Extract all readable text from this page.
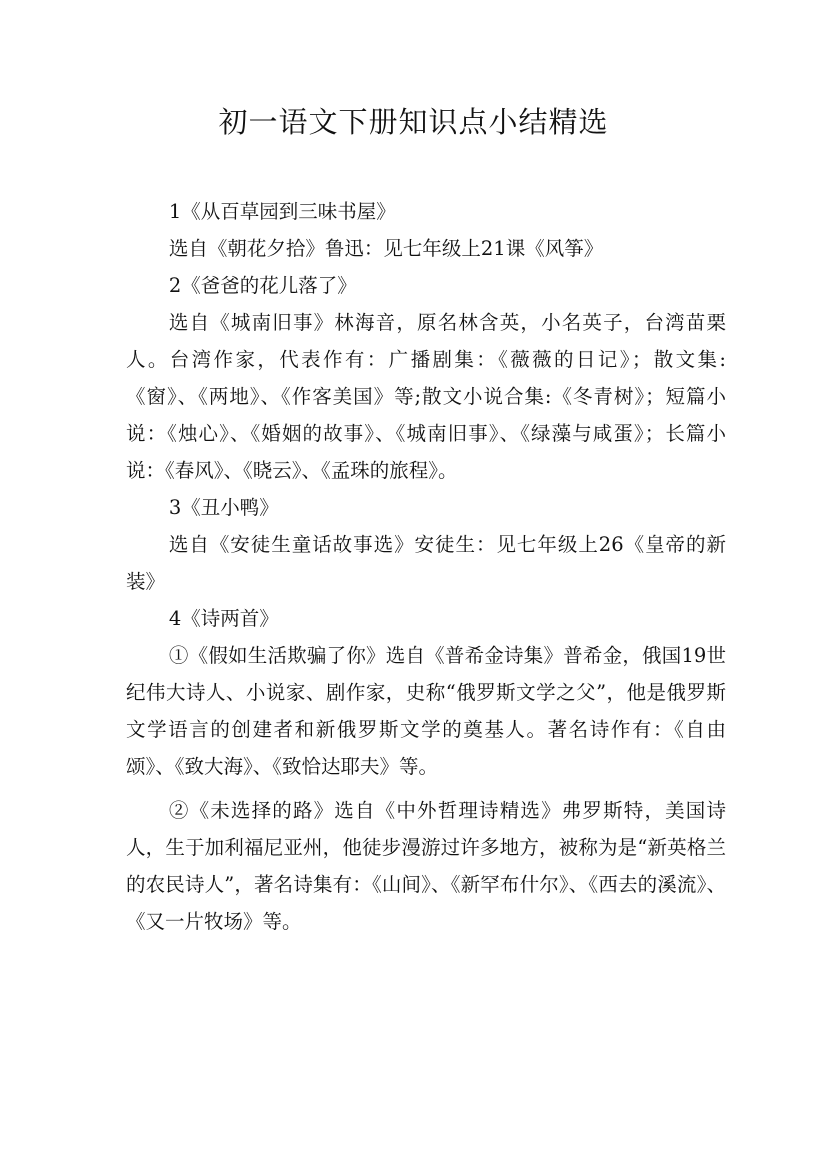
初一语文下册知识点小结精选

1《从百草园到三味书屋》

选自《朝花夕拾》鲁迅：见七年级上21课《风筝》

2《爸爸的花儿落了》

选自《城南旧事》林海音，原名林含英，小名英子，台湾苗栗人。台湾作家，代表作有：广播剧集：《薇薇的日记》；散文集:《窗》、《两地》、《作客美国》等;散文小说合集:《冬青树》；短篇小说：《烛心》、《婚姻的故事》、《城南旧事》、《绿藻与咸蛋》；长篇小说：《春风》、《晓云》、《孟珠的旅程》。

3《丑小鸭》

选自《安徒生童话故事选》安徒生：见七年级上26《皇帝的新装》

4《诗两首》

①《假如生活欺骗了你》选自《普希金诗集》普希金，俄国19世纪伟大诗人、小说家、剧作家，史称“俄罗斯文学之父”，他是俄罗斯文学语言的创建者和新俄罗斯文学的奠基人。著名诗作有：《自由颂》、《致大海》、《致恰达耶夫》等。

②《未选择的路》选自《中外哲理诗精选》弗罗斯特，美国诗人，生于加利福尼亚州，他徒步漫游过许多地方，被称为是“新英格兰的农民诗人”，著名诗集有：《山间》、《新罕布什尔》、《西去的溪流》、《又一片牧场》等。
